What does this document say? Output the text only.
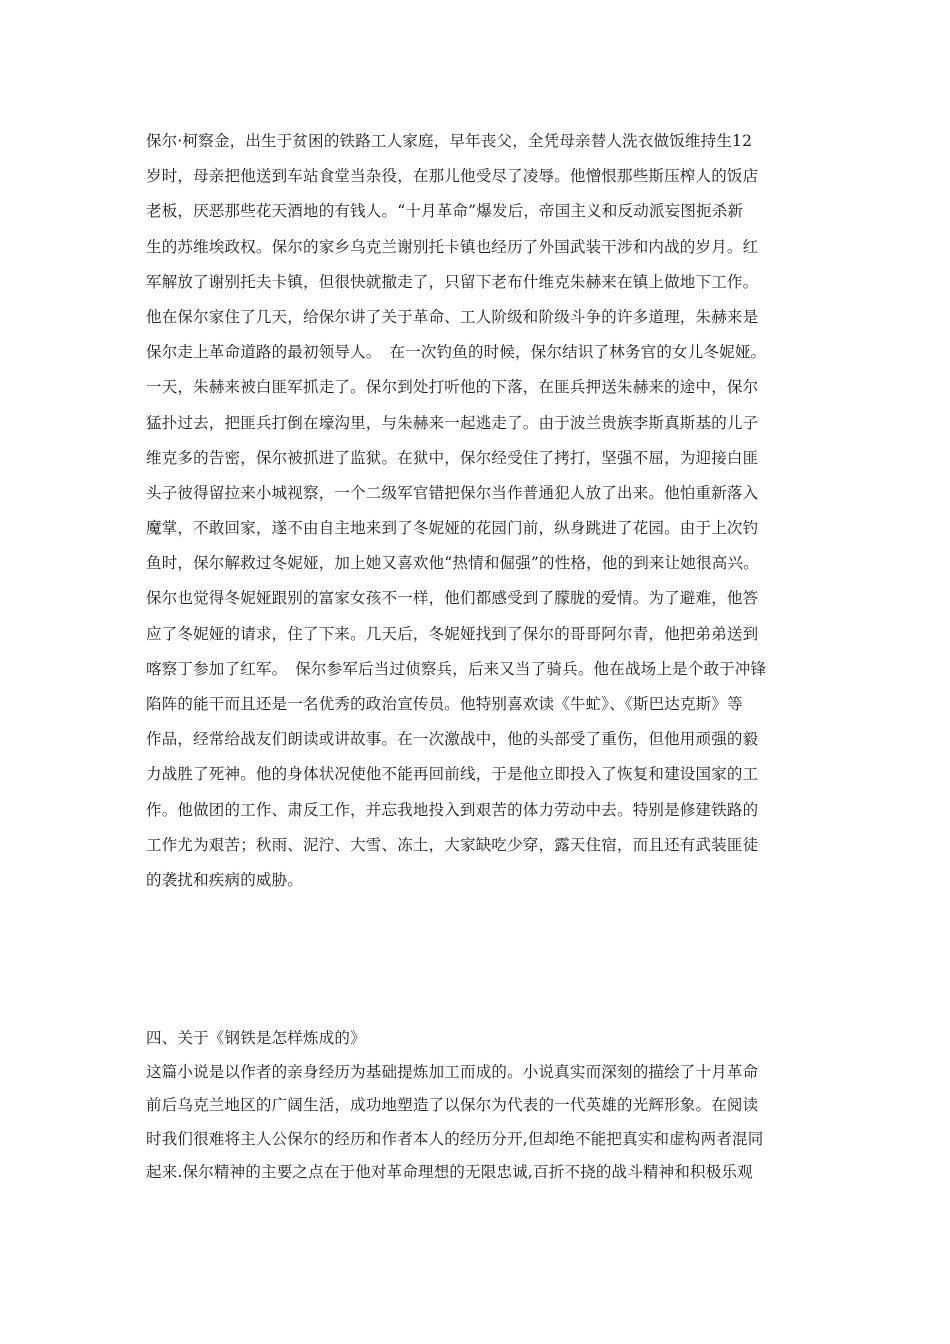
保尔·柯察金，出生于贫困的铁路工人家庭，早年丧父，全凭母亲替人洗衣做饭维持生12
岁时，母亲把他送到车站食堂当杂役，在那儿他受尽了凌辱。他憎恨那些斯压榨人的饭店
老板，厌恶那些花天酒地的有钱人。“十月革命”爆发后，帝国主义和反动派妄图扼杀新
生的苏维埃政权。保尔的家乡乌克兰谢别托卡镇也经历了外国武装干涉和内战的岁月。红
军解放了谢别托夫卡镇，但很快就撤走了，只留下老布什维克朱赫来在镇上做地下工作。
他在保尔家住了几天，给保尔讲了关于革命、工人阶级和阶级斗争的许多道理，朱赫来是
保尔走上革命道路的最初领导人。　在一次钓鱼的时候，保尔结识了林务官的女儿冬妮娅。
一天，朱赫来被白匪军抓走了。保尔到处打听他的下落，在匪兵押送朱赫来的途中，保尔
猛扑过去，把匪兵打倒在壕沟里，与朱赫来一起逃走了。由于波兰贵族李斯真斯基的儿子
维克多的告密，保尔被抓进了监狱。在狱中，保尔经受住了拷打，坚强不屈，为迎接白匪
头子彼得留拉来小城视察，一个二级军官错把保尔当作普通犯人放了出来。他怕重新落入
魔掌，不敢回家，遂不由自主地来到了冬妮娅的花园门前，纵身跳进了花园。由于上次钓
鱼时，保尔解救过冬妮娅，加上她又喜欢他“热情和倔强”的性格，他的到来让她很高兴。
保尔也觉得冬妮娅跟别的富家女孩不一样，他们都感受到了朦胧的爱情。为了避难，他答
应了冬妮娅的请求，住了下来。几天后，冬妮娅找到了保尔的哥哥阿尔青，他把弟弟送到
喀察丁参加了红军。　保尔参军后当过侦察兵，后来又当了骑兵。他在战场上是个敢于冲锋
陷阵的能干而且还是一名优秀的政治宣传员。他特别喜欢读《牛虻》、《斯巴达克斯》等
作品，经常给战友们朗读或讲故事。在一次激战中，他的头部受了重伤，但他用顽强的毅
力战胜了死神。他的身体状况使他不能再回前线，于是他立即投入了恢复和建设国家的工
作。他做团的工作、肃反工作，并忘我地投入到艰苦的体力劳动中去。特别是修建铁路的
工作尤为艰苦；秋雨、泥泞、大雪、冻土，大家缺吃少穿，露天住宿，而且还有武装匪徒
的袭扰和疾病的威胁。
四、关于《钢铁是怎样炼成的》
这篇小说是以作者的亲身经历为基础提炼加工而成的。小说真实而深刻的描绘了十月革命
前后乌克兰地区的广阔生活，成功地塑造了以保尔为代表的一代英雄的光辉形象。在阅读
时我们很难将主人公保尔的经历和作者本人的经历分开,但却绝不能把真实和虚构两者混同
起来.保尔精神的主要之点在于他对革命理想的无限忠诚,百折不挠的战斗精神和积极乐观
